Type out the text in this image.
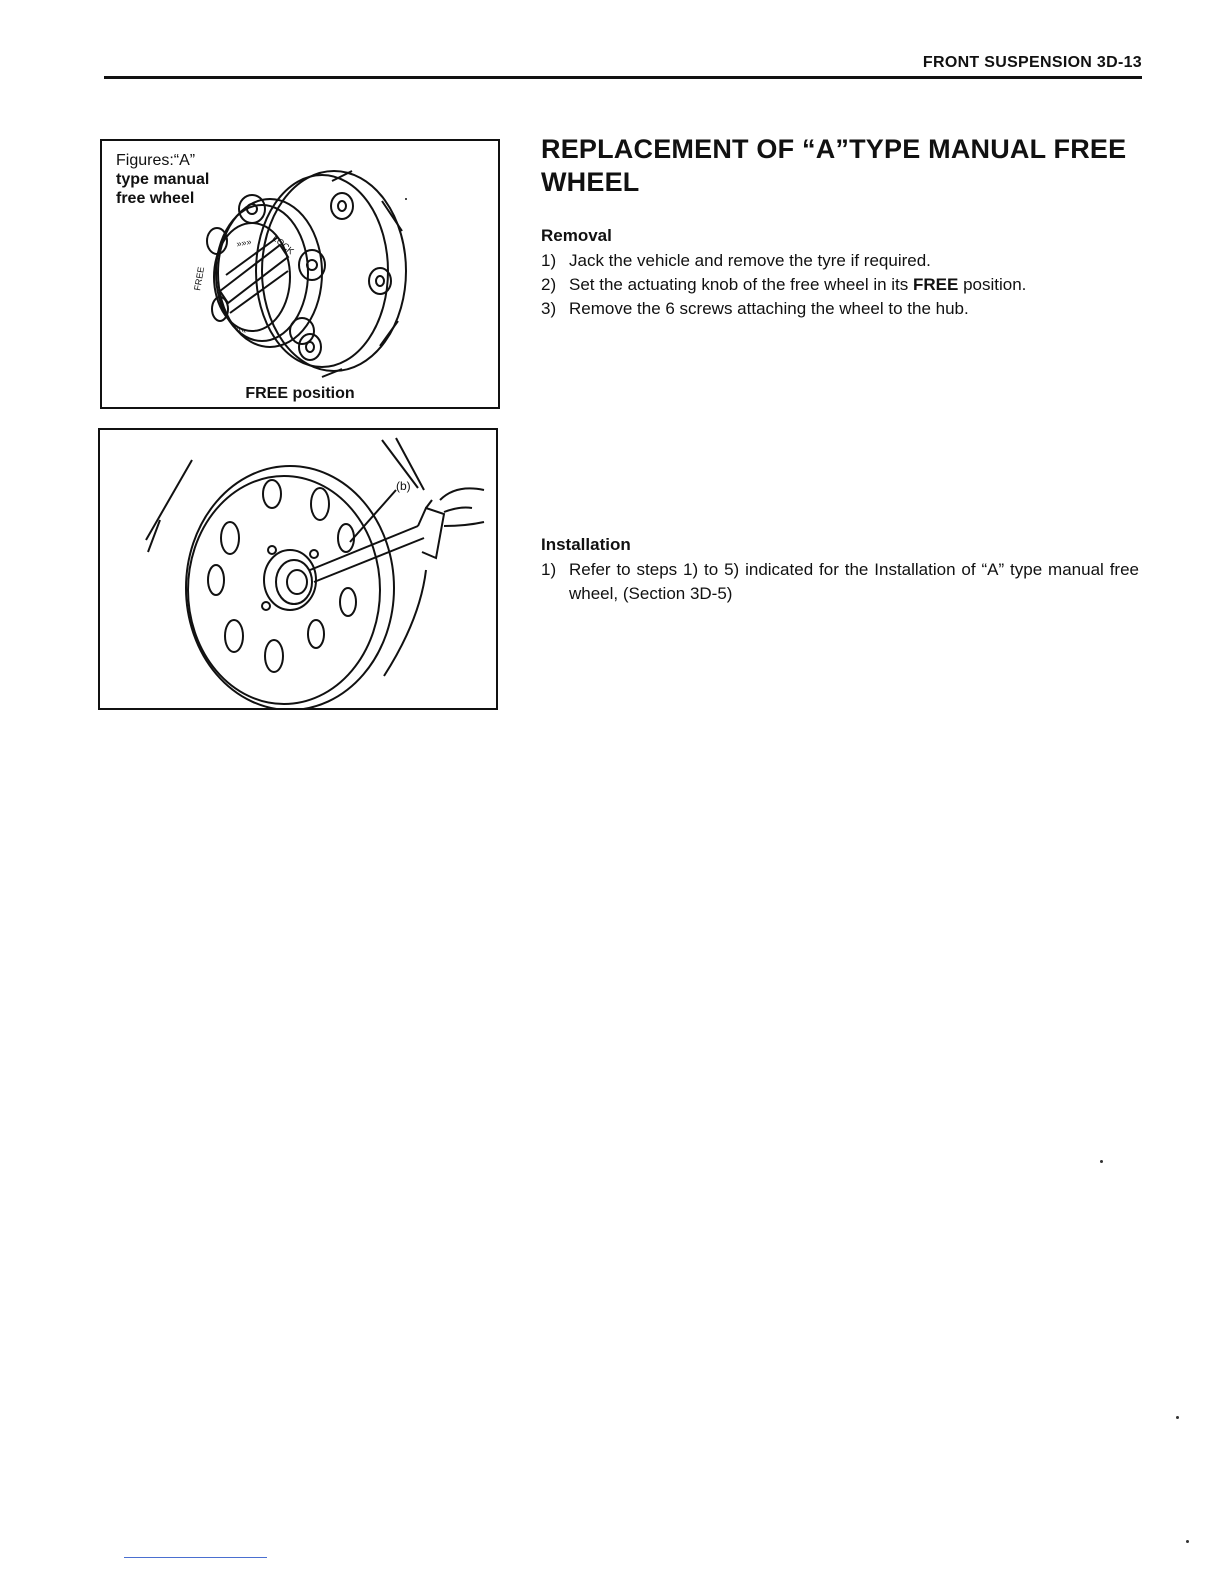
FRONT SUSPENSION 3D-13
»»» LOCK
FREE
««
Figures:“A”
type manual
free wheel
FREE position
(b)
REPLACEMENT OF “A”TYPE MANUAL FREE WHEEL
Removal
1) Jack the vehicle and remove the tyre if required.
2) Set the actuating knob of the free wheel in its FREE position.
3) Remove the 6 screws attaching the wheel to the hub.
Installation
1) Refer to steps 1) to 5) indicated for the Installation of “A” type manual free wheel, (Section 3D-5)
